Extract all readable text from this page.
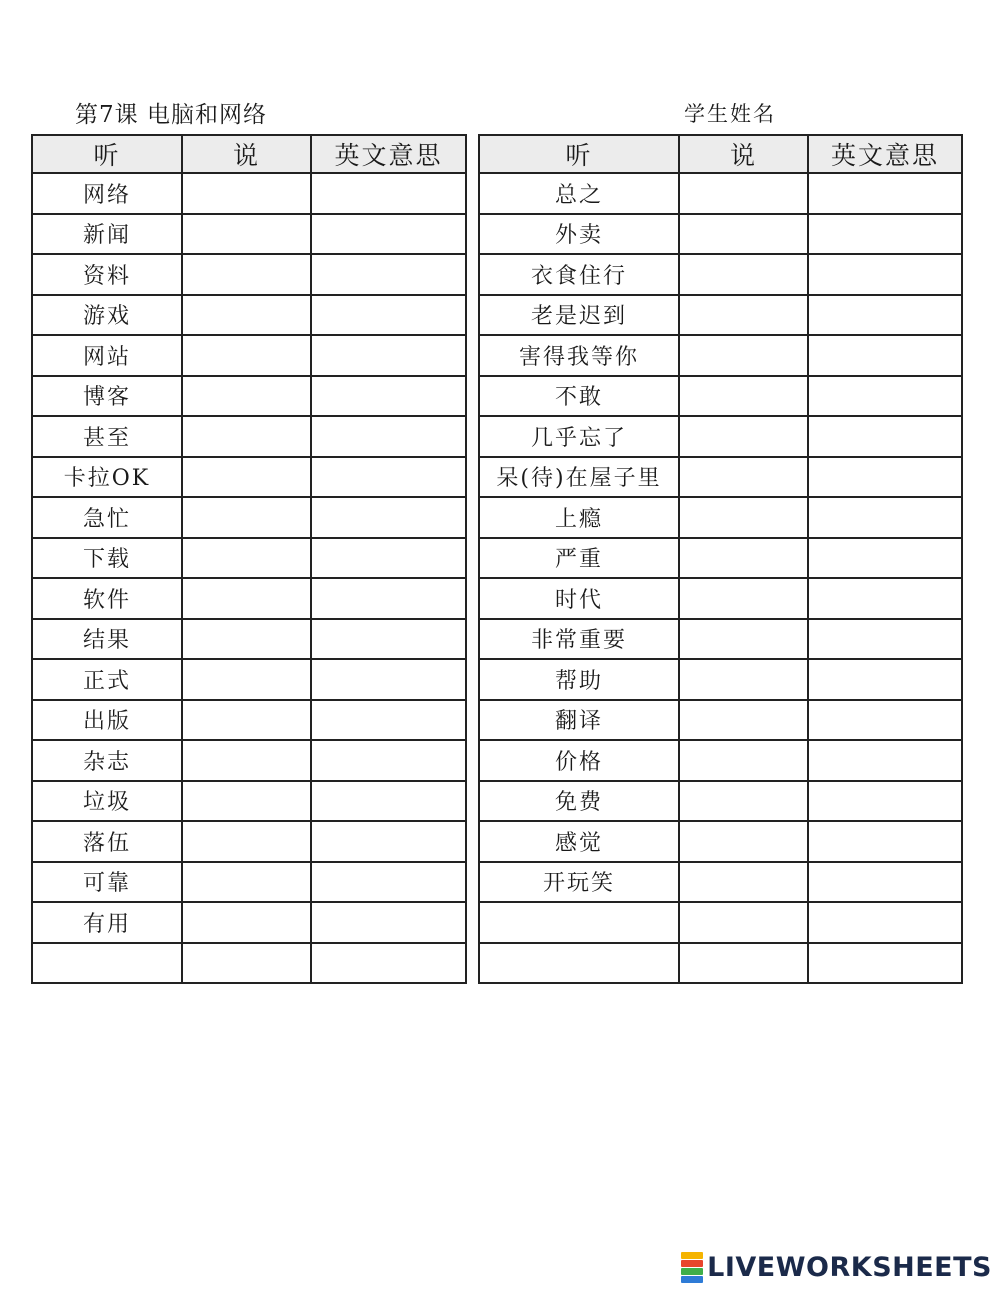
第7课 电脑和网络	学生姓名
听	说	英文意思
网络		
新闻		
资料		
游戏		
网站		
博客		
甚至		
卡拉OK		
急忙		
下载		
软件		
结果		
正式		
出版		
杂志		
垃圾		
落伍		
可靠		
有用		

听	说	英文意思
总之		
外卖		
衣食住行		
老是迟到		
害得我等你		
不敢		
几乎忘了		
呆(待)在屋子里		
上瘾		
严重		
时代		
非常重要		
帮助		
翻译		
价格		
免费		
感觉		
开玩笑		

LIVEWORKSHEETS
